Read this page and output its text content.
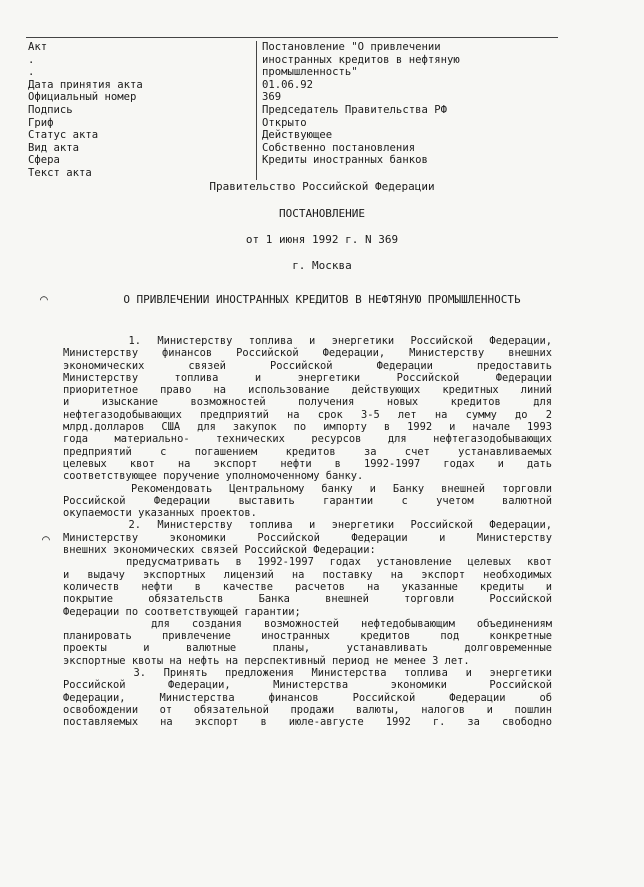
Акт	Постановление "О привлечении
.	иностранных кредитов в нефтяную
.	промышленность"
Дата принятия акта	01.06.92
Официальный номер	369
Подпись	Председатель Правительства РФ
Гриф	Открыто
Статус акта	Действующее
Вид акта	Собственно постановления
Сфера	Кредиты иностранных банков
Текст акта
Правительство Российской Федерации
ПОСТАНОВЛЕНИЕ
от 1 июня 1992 г. N 369
г. Москва
О ПРИВЛЕЧЕНИИ ИНОСТРАННЫХ КРЕДИТОВ В НЕФТЯНУЮ ПРОМЫШЛЕННОСТЬ
⌒
⌒
1. Министерству топлива и энергетики Российской Федерации,
Министерству финансов Российской Федерации, Министерству внешних
экономических связей Российской Федерации предоставить
Министерству топлива и энергетики Российской Федерации
приоритетное право на использование действующих кредитных линий
и изыскание возможностей получения новых кредитов для
нефтегазодобывающих предприятий на срок 3-5 лет на сумму до 2
млрд.долларов США для закупок по импорту в 1992 и начале 1993
года материально- технических ресурсов для нефтегазодобывающих
предприятий с погашением кредитов за счет устанавливаемых
целевых квот на экспорт нефти в 1992-1997 годах и дать
соответствующее поручение уполномоченному банку.
Рекомендовать Центральному банку и Банку внешней торговли
Российской Федерации выставить гарантии с учетом валютной
окупаемости указанных проектов.
2. Министерству топлива и энергетики Российской Федерации,
Министерству экономики Российской Федерации и Министерству
внешних экономических связей Российской Федерации:
предусматривать в 1992-1997 годах установление целевых квот
и выдачу экспортных лицензий на поставку на экспорт необходимых
количеств нефти в качестве расчетов на указанные кредиты и
покрытие обязательств Банка внешней торговли Российской
Федерации по соответствующей гарантии;
для создания возможностей нефтедобывающим объединениям
планировать привлечение иностранных кредитов под конкретные
проекты и валютные планы, устанавливать долговременные
экспортные квоты на нефть на перспективный период не менее 3 лет.
3. Принять предложения Министерства топлива и энергетики
Российской Федерации, Министерства экономики Российской
Федерации, Министерства финансов Российской Федерации об
освобождении от обязательной продажи валюты, налогов и пошлин
поставляемых на экспорт в июле-августе 1992 г. за свободно
